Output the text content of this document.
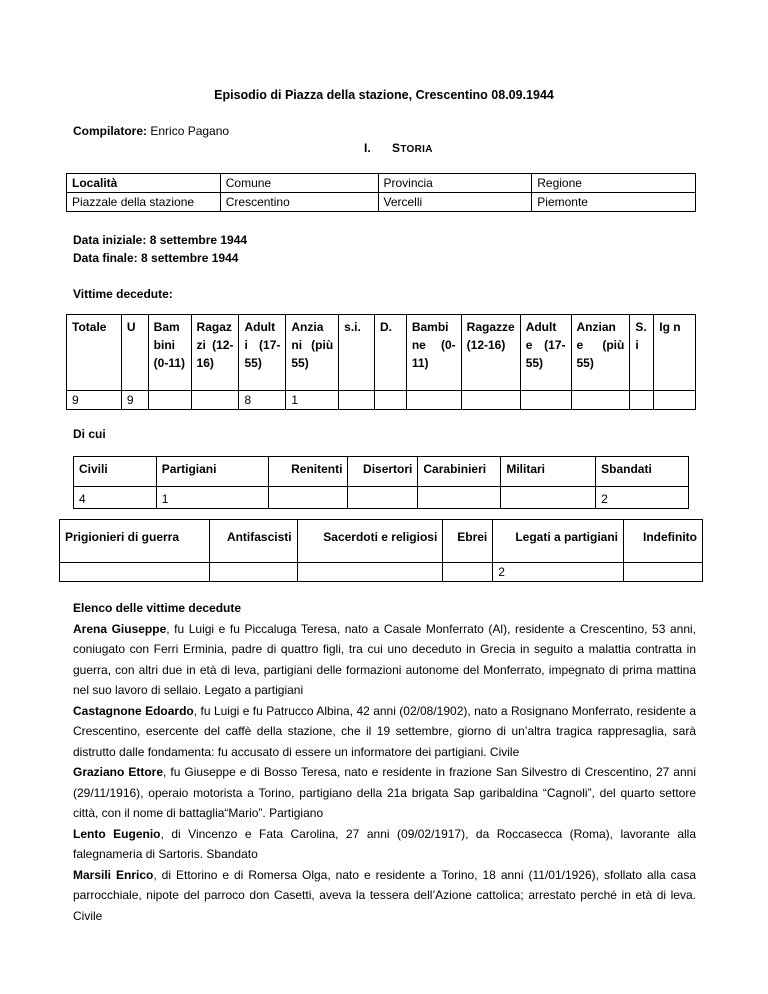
Episodio di Piazza della stazione, Crescentino 08.09.1944
Compilatore: Enrico Pagano
I. STORIA
Località	Comune	Provincia	Regione
Piazzale della stazione	Crescentino	Vercelli	Piemonte
Data iniziale: 8 settembre 1944
Data finale: 8 settembre 1944
Vittime decedute:
Totale	U	Bam bini (0-11)	Ragaz zi (12-16)	Adult i (17-55)	Anzia ni (più 55)	s.i.	D.	Bambi ne (0-11)	Ragazze (12-16)	Adult e (17-55)	Anzian e (più 55)	S. i	Ig n
9	9			8	1								
Di cui
Civili	Partigiani	Renitenti	Disertori	Carabinieri	Militari	Sbandati
4	1					2
Prigionieri di guerra	Antifascisti	Sacerdoti e religiosi	Ebrei	Legati a partigiani	Indefinito
				2	
Elenco delle vittime decedute

Arena Giuseppe, fu Luigi e fu Piccaluga Teresa, nato a Casale Monferrato (Al), residente a Crescentino, 53 anni, coniugato con Ferri Erminia, padre di quattro figli, tra cui uno deceduto in Grecia in seguito a malattia contratta in guerra, con altri due in età di leva, partigiani delle formazioni autonome del Monferrato, impegnato di prima mattina nel suo lavoro di sellaio. Legato a partigiani

Castagnone Edoardo, fu Luigi e fu Patrucco Albina, 42 anni (02/08/1902), nato a Rosignano Monferrato, residente a Crescentino, esercente del caffè della stazione, che il 19 settembre, giorno di un’altra tragica rappresaglia, sarà distrutto dalle fondamenta: fu accusato di essere un informatore dei partigiani. Civile

Graziano Ettore, fu Giuseppe e di Bosso Teresa, nato e residente in frazione San Silvestro di Crescentino, 27 anni (29/11/1916), operaio motorista a Torino, partigiano della 21a brigata Sap garibaldina “Cagnoli”, del quarto settore città, con il nome di battaglia“Mario”. Partigiano

Lento Eugenio, di Vincenzo e Fata Carolina, 27 anni (09/02/1917), da Roccasecca (Roma), lavorante alla falegnameria di Sartoris. Sbandato

Marsili Enrico, di Ettorino e di Romersa Olga, nato e residente a Torino, 18 anni (11/01/1926), sfollato alla casa parrocchiale, nipote del parroco don Casetti, aveva la tessera dell’Azione cattolica; arrestato perché in età di leva. Civile
